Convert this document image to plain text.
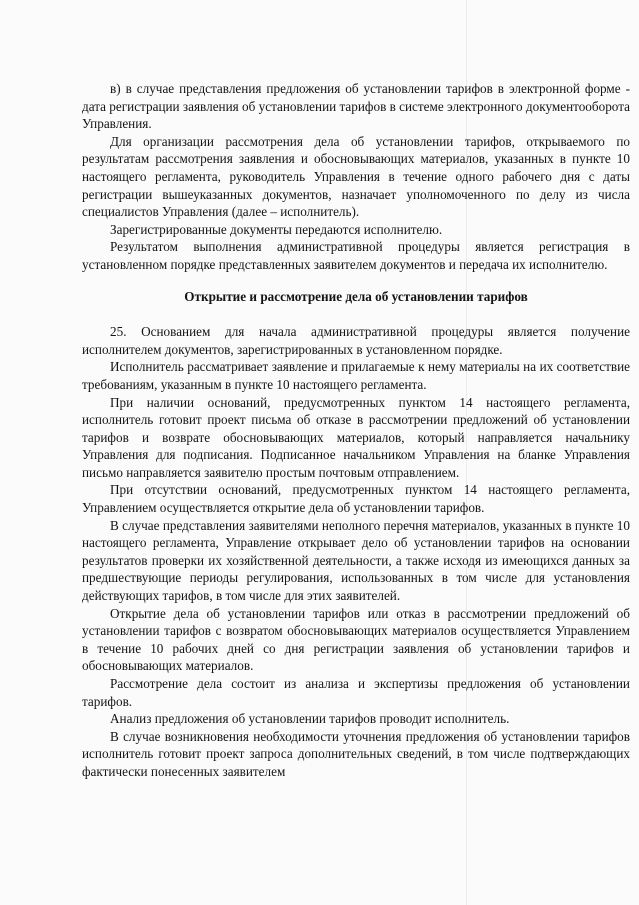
в) в случае представления предложения об установлении тарифов в электронной форме - дата регистрации заявления об установлении тарифов в системе электронного документооборота Управления.

Для организации рассмотрения дела об установлении тарифов, открываемого по результатам рассмотрения заявления и обосновывающих материалов, указанных в пункте 10 настоящего регламента, руководитель Управления в течение одного рабочего дня с даты регистрации вышеуказанных документов, назначает уполномоченного по делу из числа специалистов Управления (далее – исполнитель).

Зарегистрированные документы передаются исполнителю.

Результатом выполнения административной процедуры является регистрация в установленном порядке представленных заявителем документов и передача их исполнителю.

Открытие и рассмотрение дела об установлении тарифов

25. Основанием для начала административной процедуры является получение исполнителем документов, зарегистрированных в установленном порядке.

Исполнитель рассматривает заявление и прилагаемые к нему материалы на их соответствие требованиям, указанным в пункте 10 настоящего регламента.

При наличии оснований, предусмотренных пунктом 14 настоящего регламента, исполнитель готовит проект письма об отказе в рассмотрении предложений об установлении тарифов и возврате обосновывающих материалов, который направляется начальнику Управления для подписания. Подписанное начальником Управления на бланке Управления письмо направляется заявителю простым почтовым отправлением.

При отсутствии оснований, предусмотренных пунктом 14 настоящего регламента, Управлением осуществляется открытие дела об установлении тарифов.

В случае представления заявителями неполного перечня материалов, указанных в пункте 10 настоящего регламента, Управление открывает дело об установлении тарифов на основании результатов проверки их хозяйственной деятельности, а также исходя из имеющихся данных за предшествующие периоды регулирования, использованных в том числе для установления действующих тарифов, в том числе для этих заявителей.

Открытие дела об установлении тарифов или отказ в рассмотрении предложений об установлении тарифов с возвратом обосновывающих материалов осуществляется Управлением в течение 10 рабочих дней со дня регистрации заявления об установлении тарифов и обосновывающих материалов.

Рассмотрение дела состоит из анализа и экспертизы предложения об установлении тарифов.

Анализ предложения об установлении тарифов проводит исполнитель.

В случае возникновения необходимости уточнения предложения об установлении тарифов исполнитель готовит проект запроса дополнительных сведений, в том числе подтверждающих фактически понесенных заявителем
